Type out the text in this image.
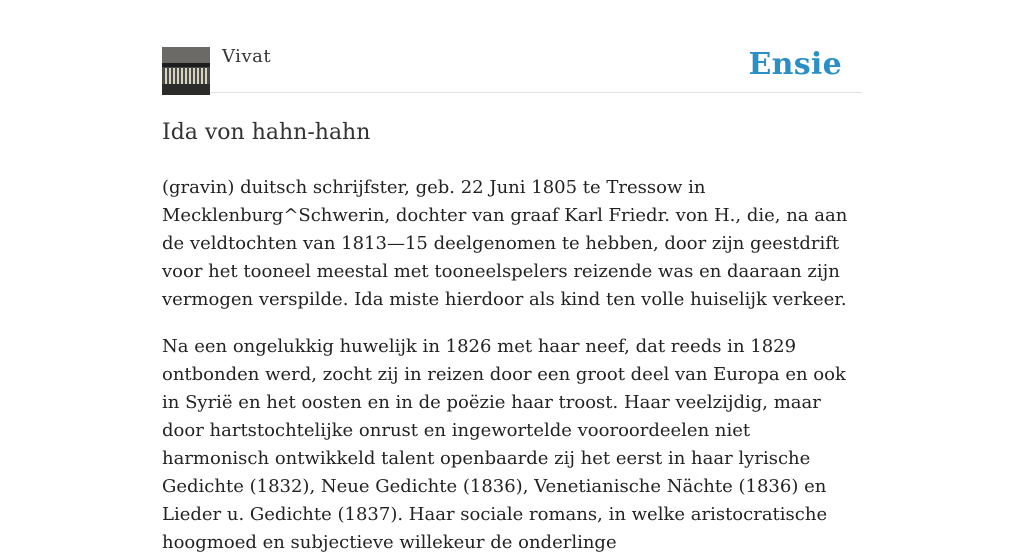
Vivat	Ensie
Ida von hahn-hahn

(gravin) duitsch schrijfster, geb. 22 Juni 1805 te Tressow in Mecklenburg^Schwerin, dochter van graaf Karl Friedr. von H., die, na aan de veldtochten van 1813—15 deelgenomen te hebben, door zijn geestdrift voor het tooneel meestal met tooneelspelers reizende was en daaraan zijn vermogen verspilde. Ida miste hierdoor als kind ten volle huiselijk verkeer.

Na een ongelukkig huwelijk in 1826 met haar neef, dat reeds in 1829 ontbonden werd, zocht zij in reizen door een groot deel van Europa en ook in Syrië en het oosten en in de poëzie haar troost. Haar veelzijdig, maar door hartstochtelijke onrust en ingewortelde vooroordeelen niet harmonisch ontwikkeld talent openbaarde zij het eerst in haar lyrische Gedichte (1832), Neue Gedichte (1836), Venetianische Nächte (1836) en Lieder u. Gedichte (1837). Haar sociale romans, in welke aristocratische hoogmoed en subjectieve willekeur de onderlinge
